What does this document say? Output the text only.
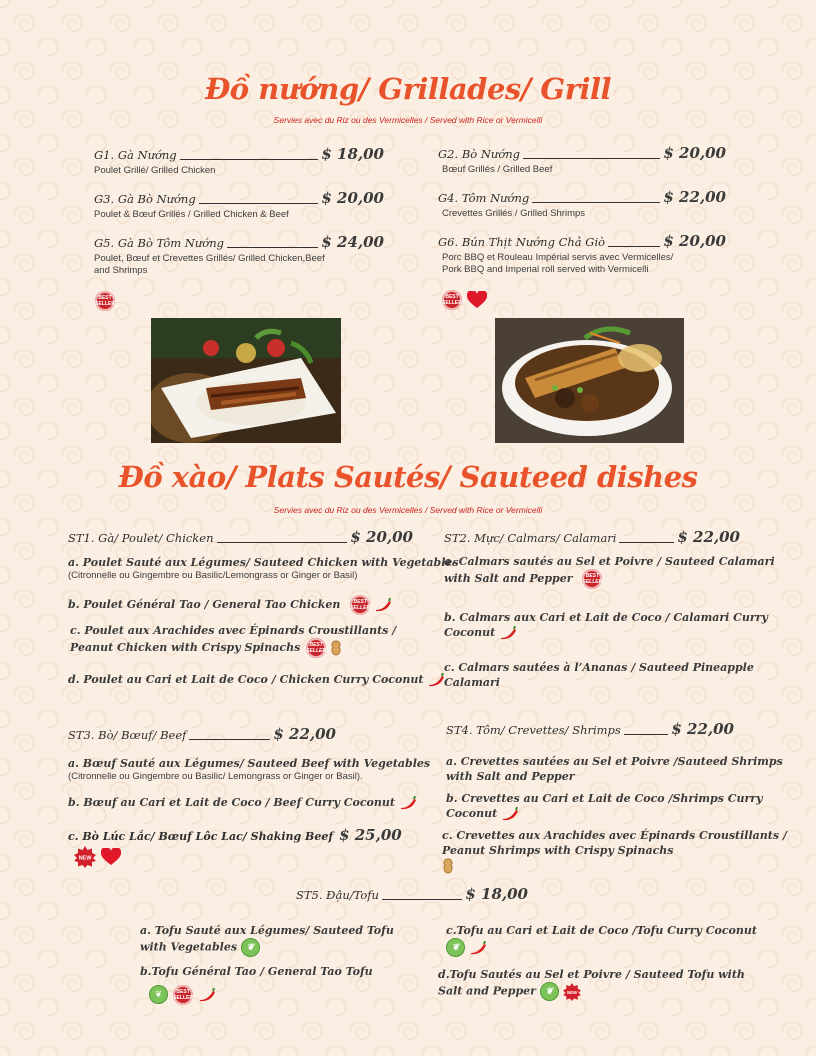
Đồ nướng/ Grillades/ Grill
Servies avec du Riz ou des Vermicelles / Served with Rice or Vermicelli
G1. Gà Nướng	$ 18,00
Poulet Grillé/ Grilled Chicken
G2. Bò Nướng	$ 20,00
Bœuf Grillés / Grilled Beef
G3. Gà Bò Nướng	$ 20,00
Poulet & Bœuf Grillés / Grilled Chicken & Beef
G4. Tôm Nướng	$ 22,00
Crevettes Grillés / Grilled Shrimps
G5. Gà Bò Tôm Nướng	$ 24,00
Poulet, Bœuf et Crevettes Grillés/ Grilled Chicken,Beef
and Shrimps
G6. Bún Thịt Nướng Chả Giò	$ 20,00
Porc BBQ et Rouleau Impérial servis avec Vermicelles/
Pork BBQ and Imperial roll served with Vermicelli
BEST SELLER
BEST SELLER
Đồ xào/ Plats Sautés/ Sauteed dishes
Servies avec du Riz ou des Vermicelles / Served with Rice or Vermicelli
ST1. Gà/ Poulet/ Chicken	$ 20,00
a. Poulet Sauté aux Légumes/ Sauteed Chicken with Vegetables
(Citronnelle ou Gingembre ou Basilic/Lemongrass or Ginger or Basil)
b. Poulet Général Tao / General Tao Chicken	BEST SELLER
c. Poulet aux Arachides avec Épinards Croustillants /
Peanut Chicken with Crispy Spinachs BEST SELLER
d. Poulet au Cari et Lait de Coco / Chicken Curry Coconut
ST2. Mực/ Calmars/ Calamari	$ 22,00
a. Calmars sautés au Sel et Poivre / Sauteed Calamari
with Salt and Pepper	BEST SELLER
b. Calmars aux Cari et Lait de Coco / Calamari Curry
Coconut
c. Calmars sautées à l’Ananas / Sauteed Pineapple
Calamari
ST3. Bò/ Bœuf/ Beef	$ 22,00
a. Bœuf Sauté aux Légumes/ Sauteed Beef with Vegetables
(Citronnelle ou Gingembre ou Basilic/ Lemongrass or Ginger or Basil).
b. Bœuf au Cari et Lait de Coco / Beef Curry Coconut
c. Bò Lúc Lắc/ Bœuf Lôc Lac/ Shaking Beef $ 25,00
NEW

ST4. Tôm/ Crevettes/ Shrimps	$ 22,00
a. Crevettes sautées au Sel et Poivre /Sauteed Shrimps
with Salt and Pepper
b. Crevettes au Cari et Lait de Coco /Shrimps Curry
Coconut
c. Crevettes aux Arachides avec Épinards Croustillants /
Peanut Shrimps with Crispy Spinachs
ST5. Đậu/Tofu	$ 18,00
a. Tofu Sauté aux Légumes/ Sauteed Tofu
with Vegetables ❦
b.Tofu Général Tao / General Tao Tofu
❦	BEST SELLER
c.Tofu au Cari et Lait de Coco /Tofu Curry Coconut
❦
d.Tofu Sautés au Sel et Poivre / Sauteed Tofu with
Salt and Pepper ❦ NEW
